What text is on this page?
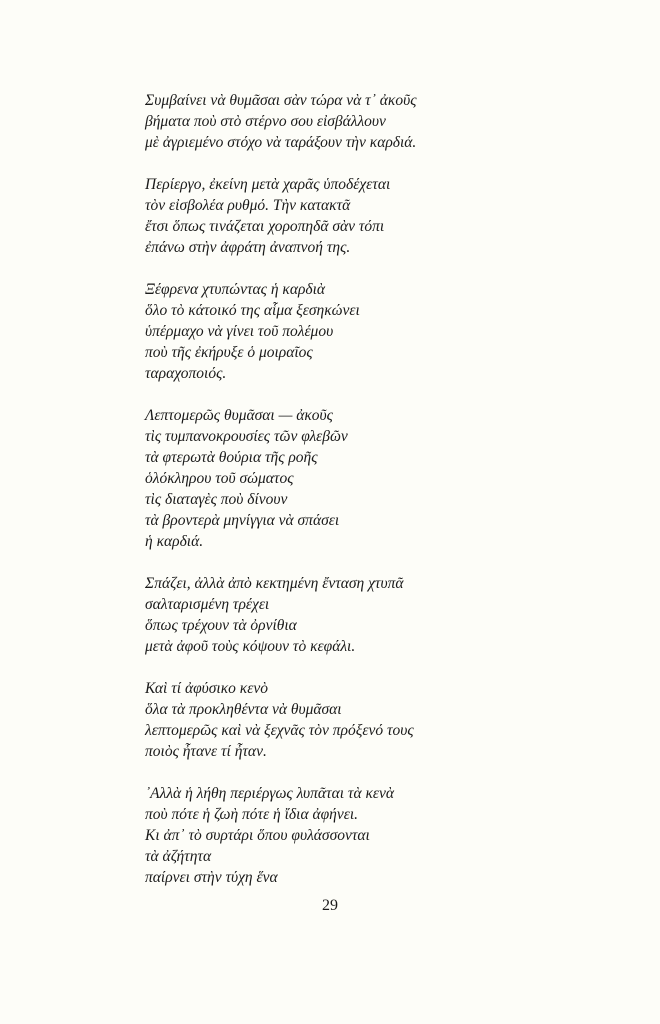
Συμβαίνει νὰ θυμᾶσαι σὰν τώρα νὰ τ᾽ ἀκοῦς
βήματα ποὺ στὸ στέρνο σου εἰσβάλλουν
μὲ ἀγριεμένο στόχο νὰ ταράξουν τὴν καρδιά.
Περίεργο, ἐκείνη μετὰ χαρᾶς ὑποδέχεται
τὸν εἰσβολέα ρυθμό. Τὴν κατακτᾶ
ἔτσι ὅπως τινάζεται χοροπηδᾶ σὰν τόπι
ἐπάνω στὴν ἀφράτη ἀναπνοή της.
Ξέφρενα χτυπώντας ἡ καρδιὰ
ὅλο τὸ κάτοικό της αἷμα ξεσηκώνει
ὑπέρμαχο νὰ γίνει τοῦ πολέμου
ποὺ τῆς ἐκήρυξε ὁ μοιραῖος
ταραχοποιός.
Λεπτομερῶς θυμᾶσαι — ἀκοῦς
τὶς τυμπανοκρουσίες τῶν φλεβῶν
τὰ φτερωτὰ θούρια τῆς ροῆς
ὁλόκληρου τοῦ σώματος
τὶς διαταγὲς ποὺ δίνουν
τὰ βροντερὰ μηνίγγια νὰ σπάσει
ἡ καρδιά.
Σπάζει, ἀλλὰ ἀπὸ κεκτημένη ἔνταση χτυπᾶ
σαλταρισμένη τρέχει
ὅπως τρέχουν τὰ ὀρνίθια
μετὰ ἀφοῦ τοὺς κόψουν τὸ κεφάλι.
Καὶ τί ἀφύσικο κενὸ
ὅλα τὰ προκληθέντα νὰ θυμᾶσαι
λεπτομερῶς καὶ νὰ ξεχνᾶς τὸν πρόξενό τους
ποιὸς ἦτανε τί ἦταν.
᾽Αλλὰ ἡ λήθη περιέργως λυπᾶται τὰ κενὰ
ποὺ πότε ἡ ζωὴ πότε ἡ ἴδια ἀφήνει.
Κι ἀπ᾽ τὸ συρτάρι ὅπου φυλάσσονται
τὰ ἀζήτητα
παίρνει στὴν τύχη ἕνα
29
